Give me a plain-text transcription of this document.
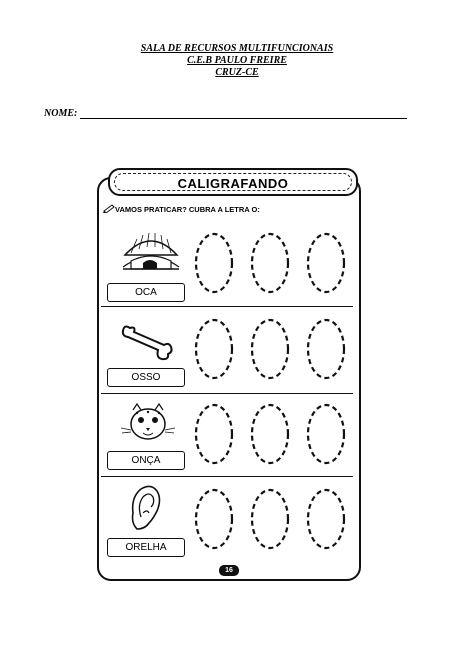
SALA DE RECURSOS MULTIFUNCIONAIS
C.E.B PAULO FREIRE
CRUZ-CE
NOME:
CALIGRAFANDO
VAMOS PRATICAR? CUBRA A LETRA O:
OCA
OSSO
ONÇA
ORELHA
16
